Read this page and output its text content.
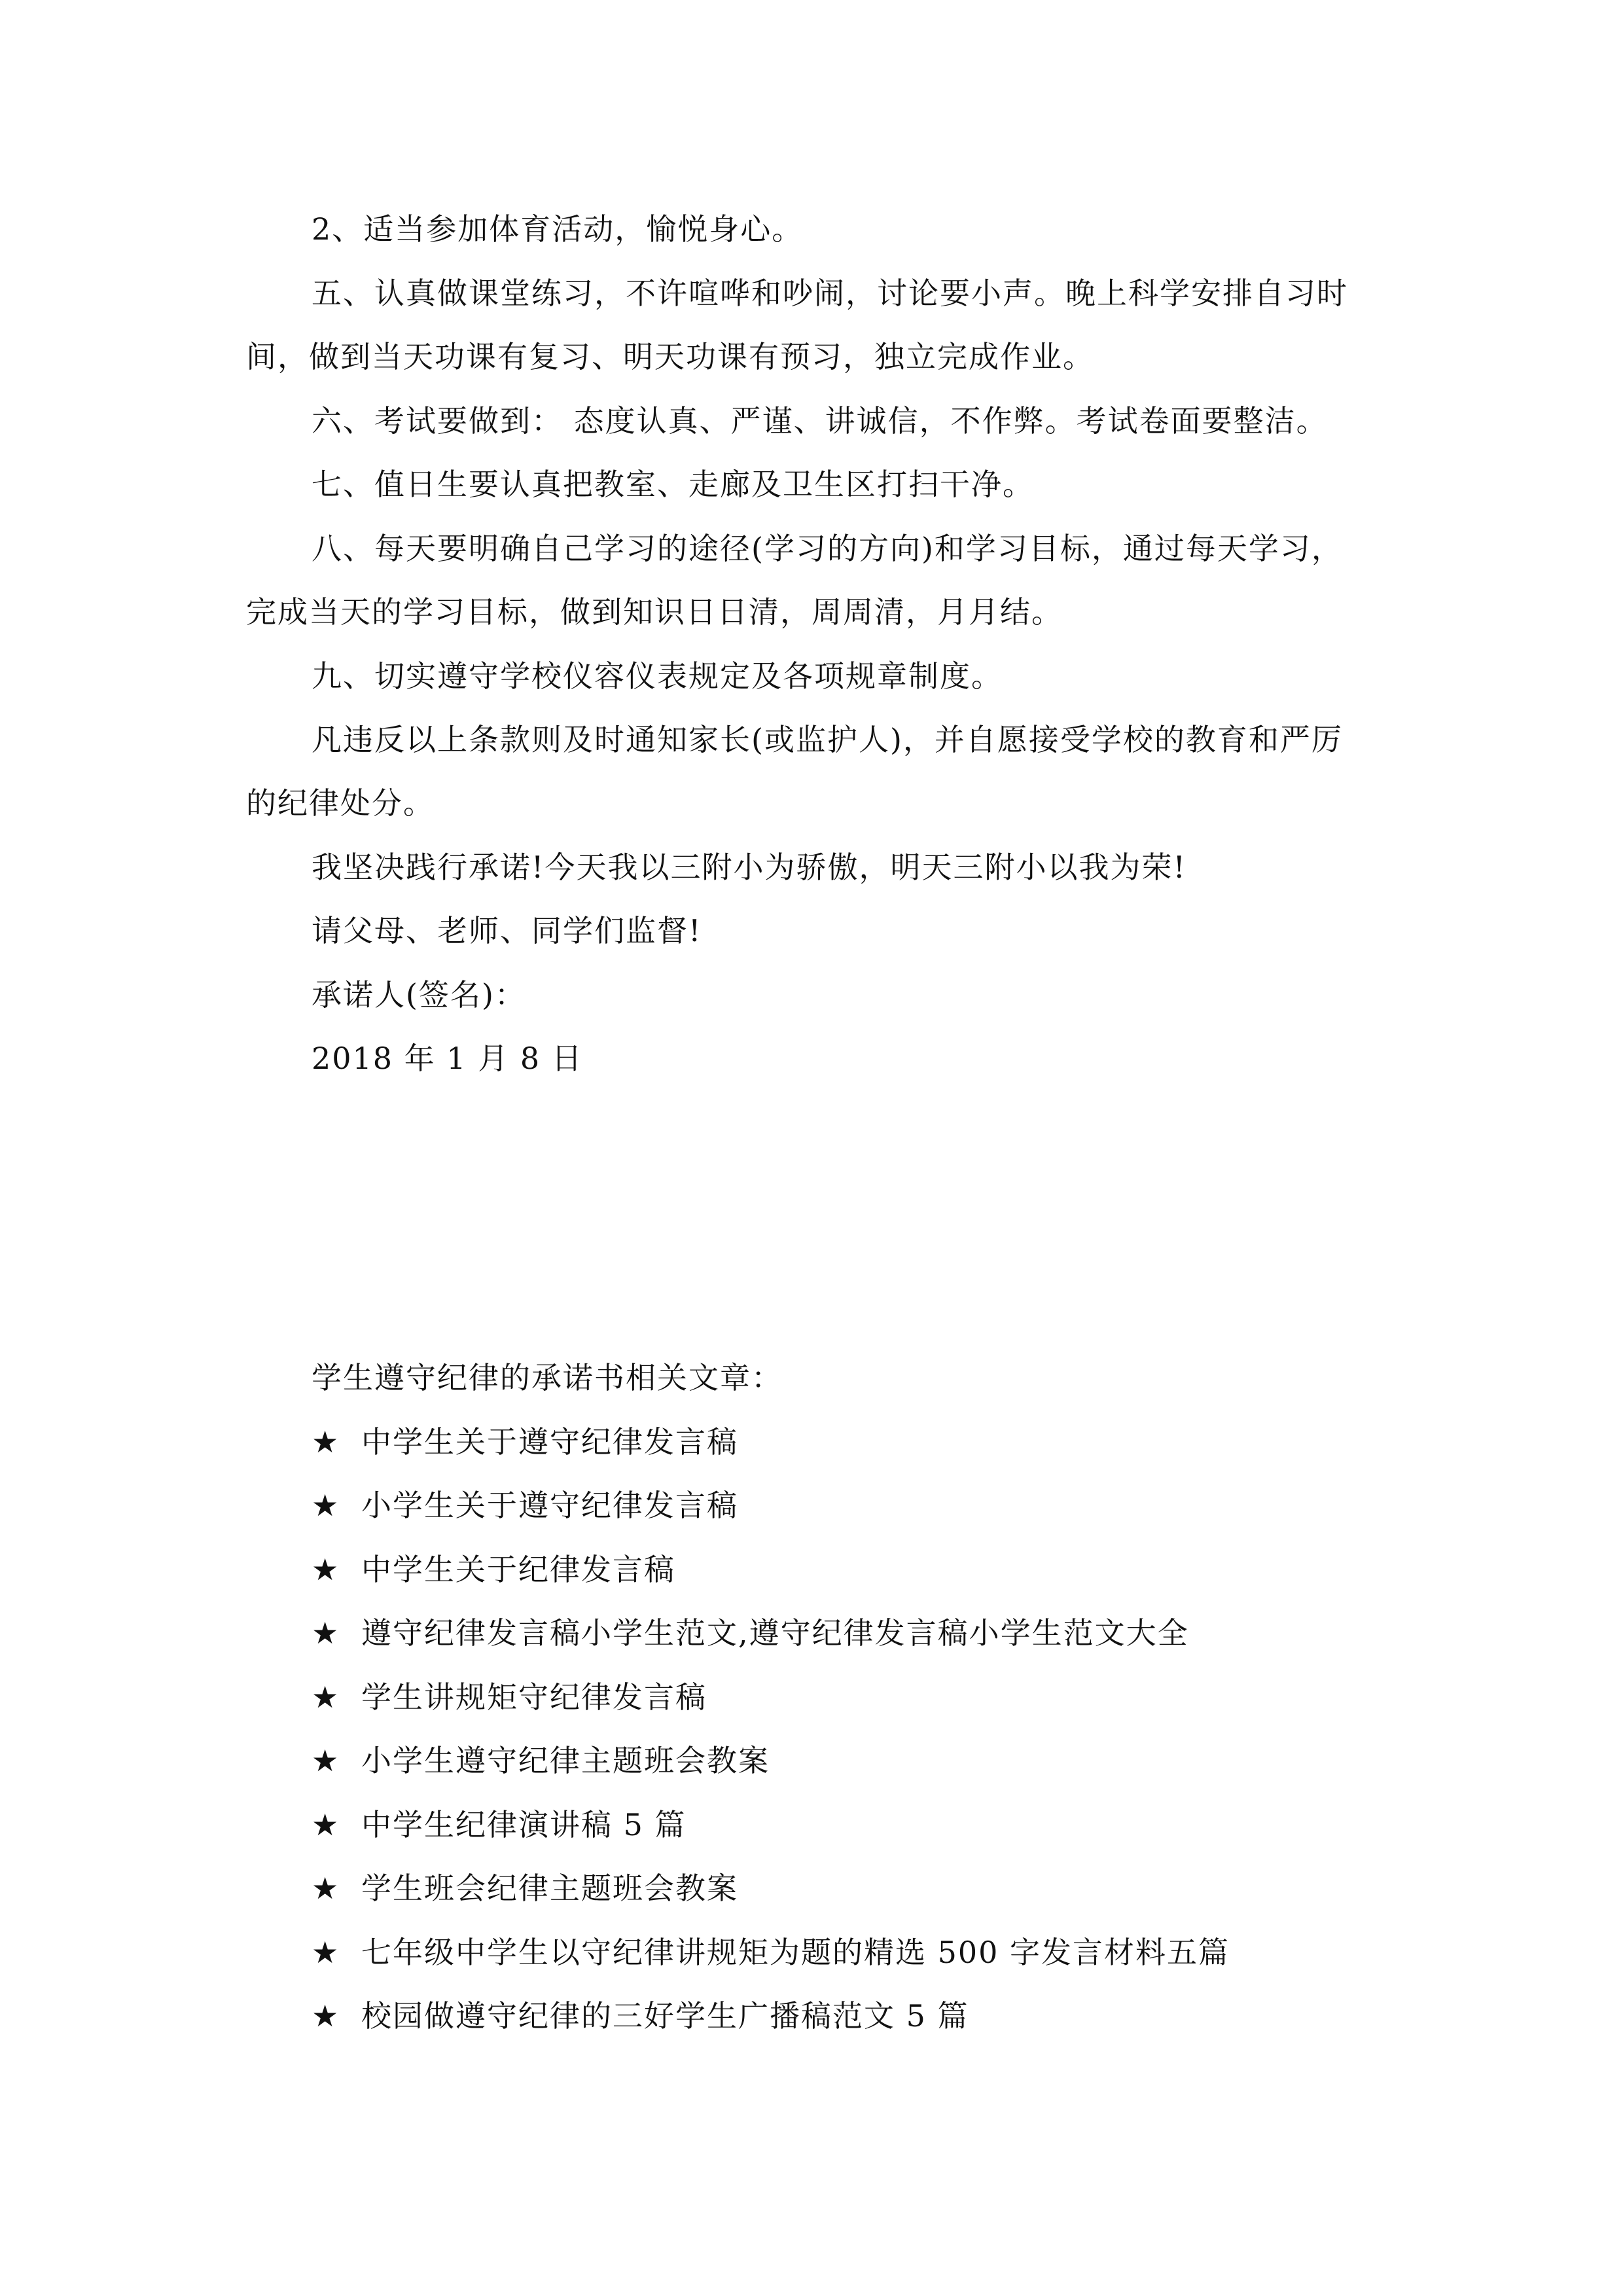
2、适当参加体育活动，愉悦身心。
五、认真做课堂练习，不许喧哗和吵闹，讨论要小声。晚上科学安排自习时
间，做到当天功课有复习、明天功课有预习，独立完成作业。
六、考试要做到： 态度认真、严谨、讲诚信，不作弊。考试卷面要整洁。
七、值日生要认真把教室、走廊及卫生区打扫干净。
八、每天要明确自己学习的途径(学习的方向)和学习目标，通过每天学习，
完成当天的学习目标，做到知识日日清，周周清，月月结。
九、切实遵守学校仪容仪表规定及各项规章制度。
凡违反以上条款则及时通知家长(或监护人)，并自愿接受学校的教育和严厉
的纪律处分。
我坚决践行承诺!今天我以三附小为骄傲，明天三附小以我为荣!
请父母、老师、同学们监督!
承诺人(签名)：
2018 年 1 月 8 日
学生遵守纪律的承诺书相关文章：
★ 中学生关于遵守纪律发言稿
★ 小学生关于遵守纪律发言稿
★ 中学生关于纪律发言稿
★ 遵守纪律发言稿小学生范文,遵守纪律发言稿小学生范文大全
★ 学生讲规矩守纪律发言稿
★ 小学生遵守纪律主题班会教案
★ 中学生纪律演讲稿 5 篇
★ 学生班会纪律主题班会教案
★ 七年级中学生以守纪律讲规矩为题的精选 500 字发言材料五篇
★ 校园做遵守纪律的三好学生广播稿范文 5 篇
